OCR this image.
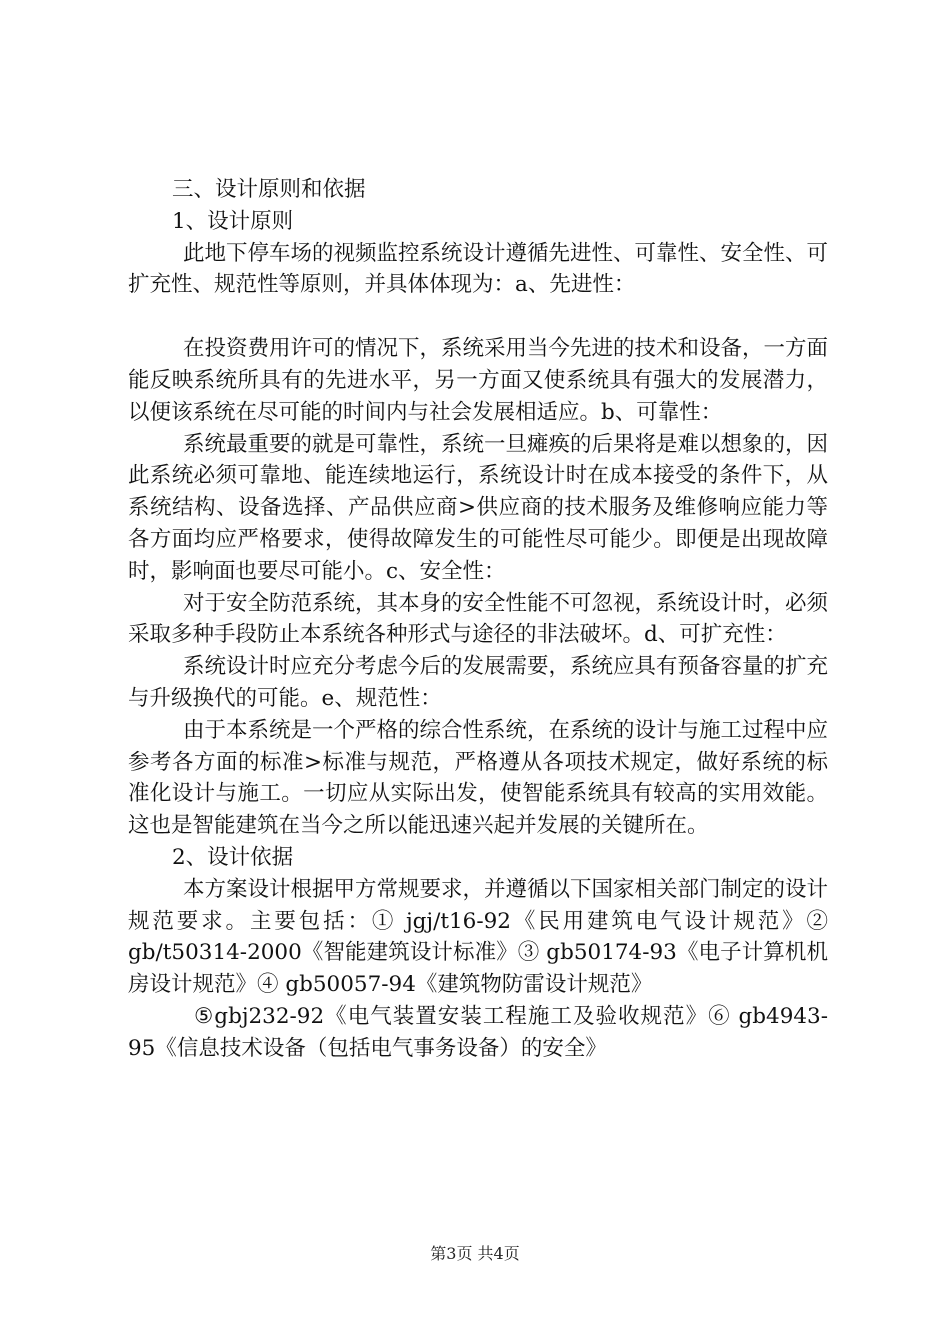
三、设计原则和依据

1、设计原则

此地下停车场的视频监控系统设计遵循先进性、可靠性、安全性、可扩充性、规范性等原则，并具体体现为：a、先进性：

在投资费用许可的情况下，系统采用当今先进的技术和设备，一方面能反映系统所具有的先进水平，另一方面又使系统具有强大的发展潜力，以便该系统在尽可能的时间内与社会发展相适应。b、可靠性：

系统最重要的就是可靠性，系统一旦瘫痪的后果将是难以想象的，因此系统必须可靠地、能连续地运行，系统设计时在成本接受的条件下，从系统结构、设备选择、产品供应商>供应商的技术服务及维修响应能力等各方面均应严格要求，使得故障发生的可能性尽可能少。即便是出现故障时，影响面也要尽可能小。c、安全性：

对于安全防范系统，其本身的安全性能不可忽视，系统设计时，必须采取多种手段防止本系统各种形式与途径的非法破坏。d、可扩充性：

系统设计时应充分考虑今后的发展需要，系统应具有预备容量的扩充与升级换代的可能。e、规范性：

由于本系统是一个严格的综合性系统，在系统的设计与施工过程中应参考各方面的标准>标准与规范，严格遵从各项技术规定，做好系统的标准化设计与施工。一切应从实际出发，使智能系统具有较高的实用效能。这也是智能建筑在当今之所以能迅速兴起并发展的关键所在。

2、设计依据

本方案设计根据甲方常规要求，并遵循以下国家相关部门制定的设计规范要求。主要包括：① jgj/t16-92《民用建筑电气设计规范》② gb/t50314-2000《智能建筑设计标准》③ gb50174-93《电子计算机机房设计规范》④ gb50057-94《建筑物防雷设计规范》

⑤gbj232-92《电气装置安装工程施工及验收规范》⑥ gb4943-95《信息技术设备（包括电气事务设备）的安全》

第3页 共4页
